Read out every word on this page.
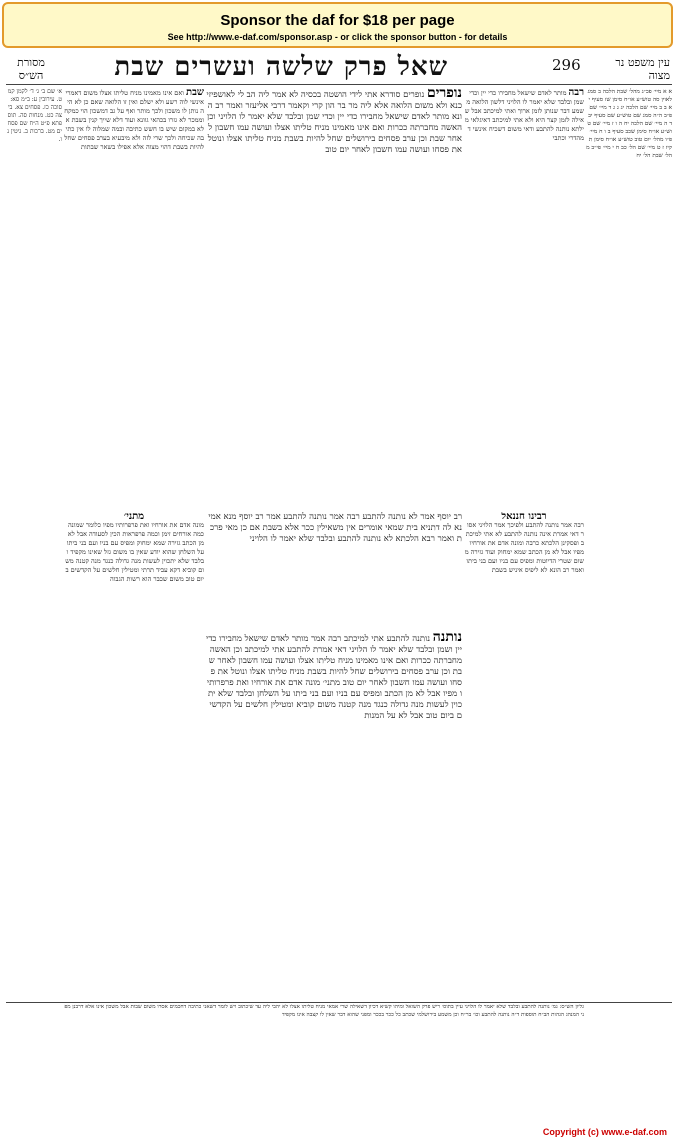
Sponsor the daf for $18 per page
See http://www.e-daf.com/sponsor.asp - or click the sponsor button - for details
מסורת הש״ס	שאל פרק שלשה ועשרים שבת	296	עין משפט נר מצוה
א׳ שם ב׳ ג׳ ד׳ לקמן קמט. עירובין ע: ב״מ סא: סוכה כז. פסחים צא. ביצה כט. מנחות סה. תוספתא פ״ט ה״ח שם פסחים מט. ברכות ב. גיטין נו.
שבת ואם אינו מאמינו מניח טליתו אצלו משום דאמרי אינשי לוה רשע ולא ישלם ואין זו הלואה שאם כן לא היה נותן לו משכון ולכך מותר ואף על גב דמשכון הוי כמקח וממכר לא גזרו בכהאי גוונא ועוד דלא שייך קנין בשבת אלא במקום שיש בו חשש כתיבה ובמה שמלוה לו אין כתיבה שכיחה ולכך שרי לזה ולא מיבעיא בערב פסחים שחל להיות בשבת דהוי מצוה אלא אפילו בשאר שבתות
נופרים נופרים סודרא אתי לידי הושטה בכסיה לא אמר ליה הב לי לאושפיזיכנא ולא משום הלואה אלא ליה מר בר הון קרי וקאמר דרבי אליעזר ואמר רב הונא מותר לאדם שישאל מחבירו כדי יין וכדי שמן ובלבד שלא יאמר לו הלויני וכן האשה מחברתה ככרות ואם אינו מאמינו מניח טליתו אצלו ועושה עמו חשבון לאחר שבת וכן ערב פסחים בירושלים שחל להיות בשבת מניח טליתו אצלו ונוטל את פסחו ועושה עמו חשבון לאחר יום טוב
רבה מותר לאדם שישאל מחבירו כדי יין וכדי שמן ובלבד שלא יאמר לו הלויני דלשון הלואה משמע דבר שנותן לזמן ארוך ואתי למיכתב אבל שאילה לזמן קצר היא ולא אתי למיכתב דאיגלאי מילתא נותנה להתבע ודאי משום דשכיח אינשי דמהדרי וכתבי
א א מיי׳ פכ״ג מהל׳ שבת הלכה ב סמג לאוין סה טוש״ע או״ח סימן שז סעיף יא ב ב מיי׳ שם הלכה יג ג ג ד מיי׳ שם פ״ב ה״ה סמג שם טוש״ע שם סעיף יב ד ה מיי׳ שם הלכה יח ה ו ז מיי׳ שם טוש״ע או״ח סימן שכב סעיף ב ו ח מיי׳ פ״ו מהל׳ יום טוב טוש״ע או״ח סימן תקיז ז ט מיי׳ שם הל׳ כב ח י מיי׳ פי״ב מהל׳ שבת הל׳ יח
רב יוסף אמר לא נותנה להתבע רבה אמר נותנה להתבע אמר רב יוסף מנא אמינא לה דתניא בית שמאי אומרים אין משאילין ככר אלא בשבת אם כן מאי פרכת ואמר רבא הלכתא לא נותנה להתבע ובלבד שלא יאמר לו הלויני
נותנה נותנה להתבע אתי למיכתב רבה אמר מותר לאדם שישאל מחבירו כדי יין ושמן ובלבד שלא יאמר לו הלויני דאי אמרת להתבע אתי למיכתב וכן האשה מחברתה ככרות ואם אינו מאמינו מניח טליתו אצלו ועושה עמו חשבון לאחר שבת וכן ערב פסחים בירושלים שחל להיות בשבת מניח טליתו אצלו ונוטל את פסחו ועושה עמו חשבון לאחר יום טוב מתני׳ מונה אדם את אורחיו ואת פרפרותיו מפיו אבל לא מן הכתב ומפיס עם בניו ועם בני ביתו על השלחן ובלבד שלא יתכוין לעשות מנה גדולה כנגד מנה קטנה משום קוביא ומטילין חלשים על הקדשים ביום טוב אבל לא על המנות
מתני׳
מונה אדם את אורחיו ואת פרפרותיו מפיו כלומר שמונה כמה אורחים זימן וכמה פרפראות הכין לסעודה אבל לא מן הכתב גזירה שמא ימחוק ומפיס עם בניו ועם בני ביתו על השלחן שהוא יודע שאין בו משום גזל שאינו מקפיד ובלבד שלא יתכוין לעשות מנה גדולה כנגד מנה קטנה משום קוביא דקא עביד תרתי ומטילין חלשים על הקדשים ביום טוב משום שכבר הוא רשות הגבוה
רבינו חננאל
רבה אמר נותנה להתבע ולפיכך אמר הלויני אסור דאי אמרת אינה נותנה להתבע לא אתי למיכתב ופסקינן הלכתא כרבה ומונה אדם את אורחיו מפיו אבל לא מן הכתב שמא ימחוק ועוד גזירה משום שטרי הדיוטות ומפיס עם בניו ועם בני ביתו ואמר רב הונא לא ליפיס איניש בשבת
גליון הש״ס: גמ׳ נותנה להתבע ובלבד שלא יאמר לו הלויני עיין בתוס׳ ריש פרק השואל ומיהו קשיא דכיון דשאילה שרי אמאי מניח טליתו אצלו לא יהבי ליה עד שיכתוב ויש לומר דשאני כתיבה דחכמים אסרו משום שבות אבל משכון אינו אלא דרבנן מפני המנהג הגהות הב״ח תוספות ד״ה נותנה להתבע וכו׳ בר״ח וכן משמע בירושלמי שכתב כל ככר בככר ומפני שהוא דבר שאין לו קצבה אינו מקפיד
Copyright (c) www.e-daf.com
